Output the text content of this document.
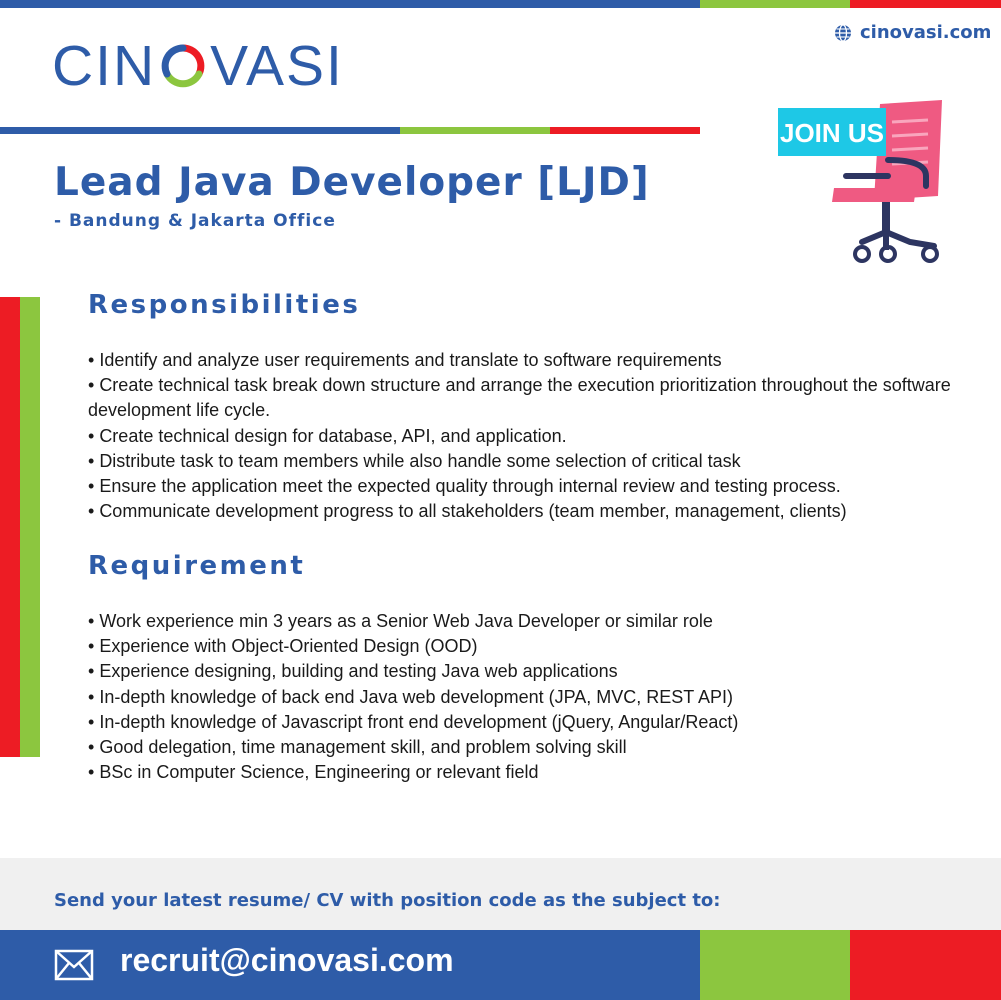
cinovasi.com
CIN VASI
Lead Java Developer [LJD]
- Bandung & Jakarta Office
JOIN US
Responsibilities
• Identify and analyze user requirements and translate to software requirements
• Create technical task break down structure and arrange the execution prioritization throughout the software development life cycle.
• Create technical design for database, API, and application.
• Distribute task to team members while also handle some selection of critical task
• Ensure the application meet the expected quality through internal review and testing process.
• Communicate development progress to all stakeholders (team member, management, clients)
Requirement
• Work experience min 3 years as a Senior Web Java Developer or similar role
• Experience with Object-Oriented Design (OOD)
• Experience designing, building and testing Java web applications
• In-depth knowledge of back end Java web development (JPA, MVC, REST API)
• In-depth knowledge of Javascript front end development (jQuery, Angular/React)
• Good delegation, time management skill, and problem solving skill
• BSc in Computer Science, Engineering or relevant field
Send your latest resume/ CV with position code as the subject to:
recruit@cinovasi.com
